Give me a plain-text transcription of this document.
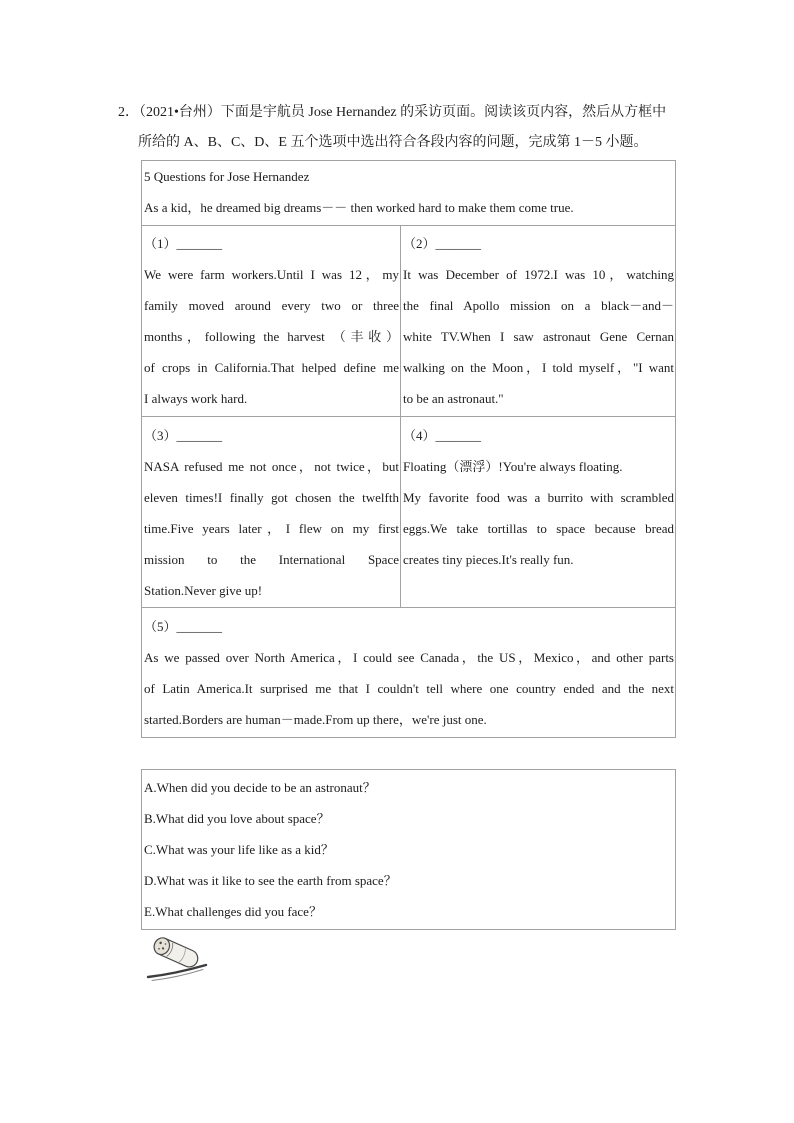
2．（2021•台州）下面是宇航员 Jose Hernandez 的采访页面。阅读该页内容，然后从方框中
所给的 A、B、C、D、E 五个选项中选出符合各段内容的问题，完成第 1－5 小题。
5 Questions for Jose Hernandez
As a kid，he dreamed big dreams－－ then worked hard to make them come true.
（1）_______
We were farm workers.Until I was 12，my
family moved around every two or three
months，following the harvest （丰收）
of crops in California.That helped define me
I always work hard.
（2）_______
It was December of 1972.I was 10，watching
the final Apollo mission on a black－and－
white TV.When I saw astronaut Gene Cernan
walking on the Moon，I told myself，"I want
to be an astronaut."
（3）_______
NASA refused me not once，not twice，but
eleven times!I finally got chosen the twelfth
time.Five years later，I flew on my first
mission to the International Space
Station.Never give up!
（4）_______
Floating（漂浮）!You're always floating.
My favorite food was a burrito with scrambled
eggs.We take tortillas to space because bread
creates tiny pieces.It's really fun.
（5）_______
As we passed over North America，I could see Canada，the US，Mexico，and other parts
of Latin America.It surprised me that I couldn't tell where one country ended and the next
started.Borders are human－made.From up there，we're just one.
A.When did you decide to be an astronaut？
B.What did you love about space？
C.What was your life like as a kid？
D.What was it like to see the earth from space？
E.What challenges did you face？
